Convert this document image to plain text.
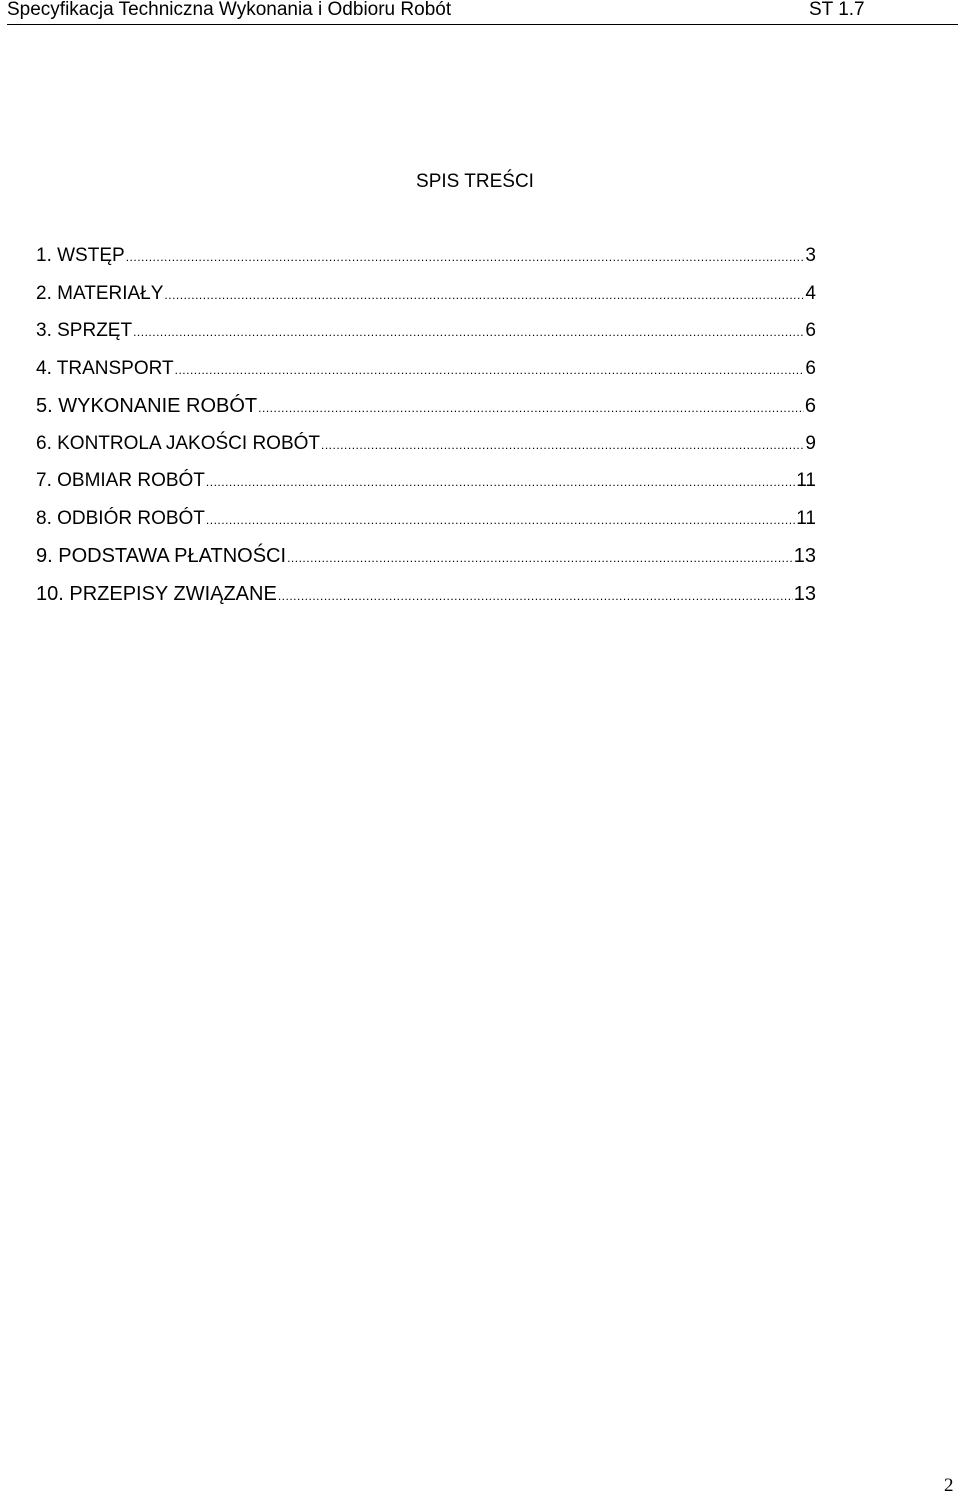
Specyfikacja Techniczna Wykonania i Odbioru Robót	ST 1.7
SPIS TREŚCI
1. WSTĘP .....	3
2. MATERIAŁY .....	4
3. SPRZĘT .....	6
4. TRANSPORT .....	6
5. WYKONANIE ROBÓT .....	6
6. KONTROLA JAKOŚCI ROBÓT .....	9
7. OBMIAR ROBÓT .....	11
8. ODBIÓR ROBÓT .....	11
9. PODSTAWA PŁATNOŚCI .....	13
10. PRZEPISY ZWIĄZANE .....	13
2
